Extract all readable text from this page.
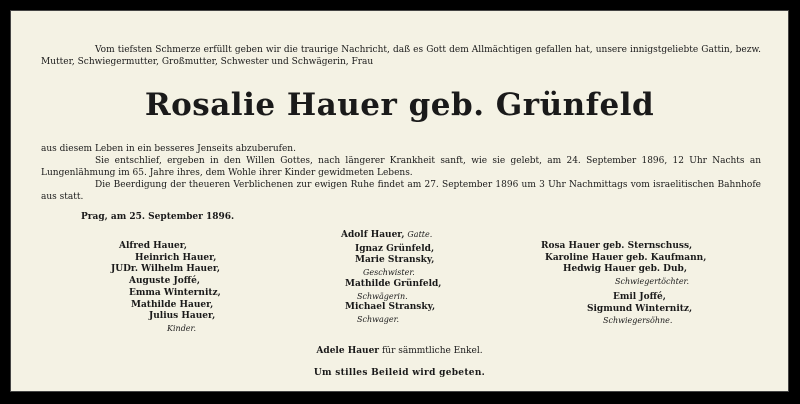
Vom tiefsten Schmerze erfüllt geben wir die traurige Nachricht, daß es Gott dem Allmächtigen gefallen hat, unsere innigstgeliebte Gattin, bezw. Mutter, Schwiegermutter, Großmutter, Schwester und Schwägerin, Frau
Rosalie Hauer geb. Grünfeld
aus diesem Leben in ein besseres Jenseits abzuberufen.
Sie entschlief, ergeben in den Willen Gottes, nach längerer Krankheit sanft, wie sie gelebt, am 24. September 1896, 12 Uhr Nachts an Lungenlähmung im 65. Jahre ihres, dem Wohle ihrer Kinder gewidmeten Lebens.
Die Beerdigung der theueren Verblichenen zur ewigen Ruhe findet am 27. September 1896 um 3 Uhr Nachmittags vom israelitischen Bahnhofe aus statt.
Prag, am 25. September 1896.
Alfred Hauer,
Heinrich Hauer,
JUDr. Wilhelm Hauer,
Auguste Joffé,
Emma Winternitz,
Mathilde Hauer,
Julius Hauer,
Kinder.
Adolf Hauer, Gatte.
Ignaz Grünfeld,
Marie Stransky,
Geschwister.
Mathilde Grünfeld,
Schwägerin.
Michael Stransky,
Schwager.
Rosa Hauer geb. Sternschuss,
Karoline Hauer geb. Kaufmann,
Hedwig Hauer geb. Dub,
Schwiegertöchter.
Emil Joffé,
Sigmund Winternitz,
Schwiegersöhne.
Adele Hauer für sämmtliche Enkel.
Um stilles Beileid wird gebeten.
